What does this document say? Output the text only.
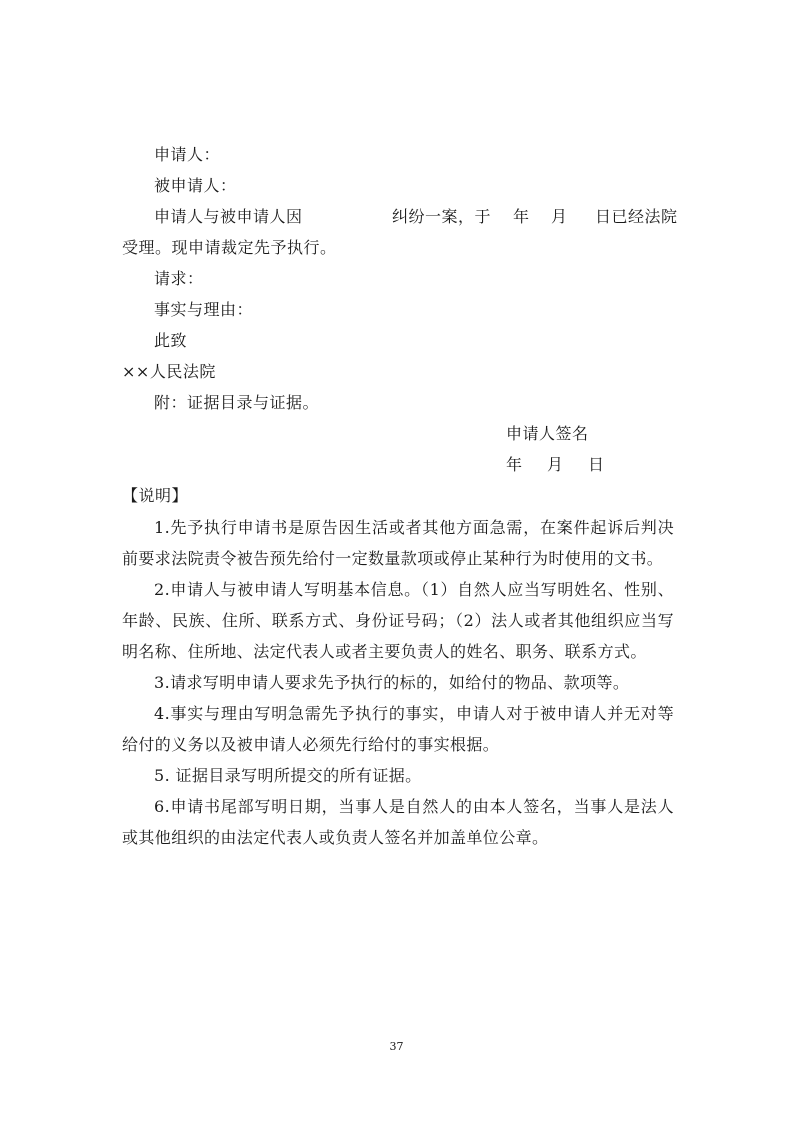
申请人：
被申请人：
申请人与被申请人因	纠纷一案，于 年 月 日已经法院
受理。现申请裁定先予执行。
请求：
事实与理由：
此致
××人民法院
附：证据目录与证据。
申请人签名
年 月 日
【说明】
1.先予执行申请书是原告因生活或者其他方面急需，在案件起诉后判决前要求法院责令被告预先给付一定数量款项或停止某种行为时使用的文书。
2.申请人与被申请人写明基本信息。（1）自然人应当写明姓名、性别、年龄、民族、住所、联系方式、身份证号码；（2）法人或者其他组织应当写明名称、住所地、法定代表人或者主要负责人的姓名、职务、联系方式。
3.请求写明申请人要求先予执行的标的，如给付的物品、款项等。
4.事实与理由写明急需先予执行的事实，申请人对于被申请人并无对等给付的义务以及被申请人必须先行给付的事实根据。
5. 证据目录写明所提交的所有证据。
6.申请书尾部写明日期，当事人是自然人的由本人签名，当事人是法人或其他组织的由法定代表人或负责人签名并加盖单位公章。
37
